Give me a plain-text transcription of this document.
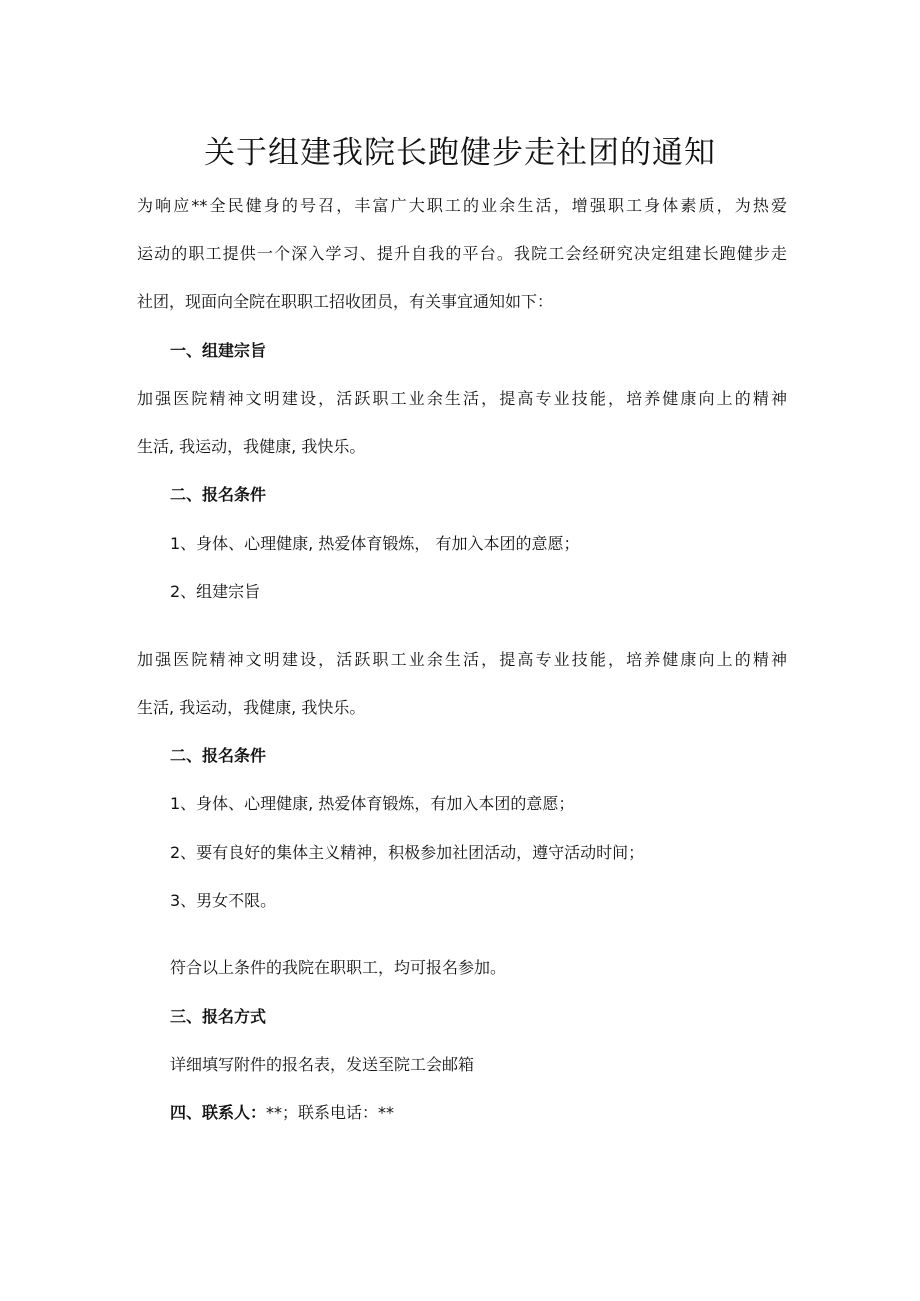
关于组建我院长跑健步走社团的通知

为响应**全民健身的号召，丰富广大职工的业余生活，增强职工身体素质，为热爱

运动的职工提供一个深入学习、提升自我的平台。我院工会经研究决定组建长跑健步走

社团，现面向全院在职职工招收团员，有关事宜通知如下：

一、组建宗旨

加强医院精神文明建设，活跃职工业余生活，提高专业技能，培养健康向上的精神

生活, 我运动，我健康, 我快乐。

二、报名条件

1、身体、心理健康, 热爱体育锻炼， 有加入本团的意愿；

2、组建宗旨

加强医院精神文明建设，活跃职工业余生活，提高专业技能，培养健康向上的精神

生活, 我运动，我健康, 我快乐。

二、报名条件

1、身体、心理健康, 热爱体育锻炼，有加入本团的意愿；

2、要有良好的集体主义精神，积极参加社团活动，遵守活动时间；

3、男女不限。

符合以上条件的我院在职职工，均可报名参加。

三、报名方式

详细填写附件的报名表，发送至院工会邮箱

四、联系人：**；联系电话：**
